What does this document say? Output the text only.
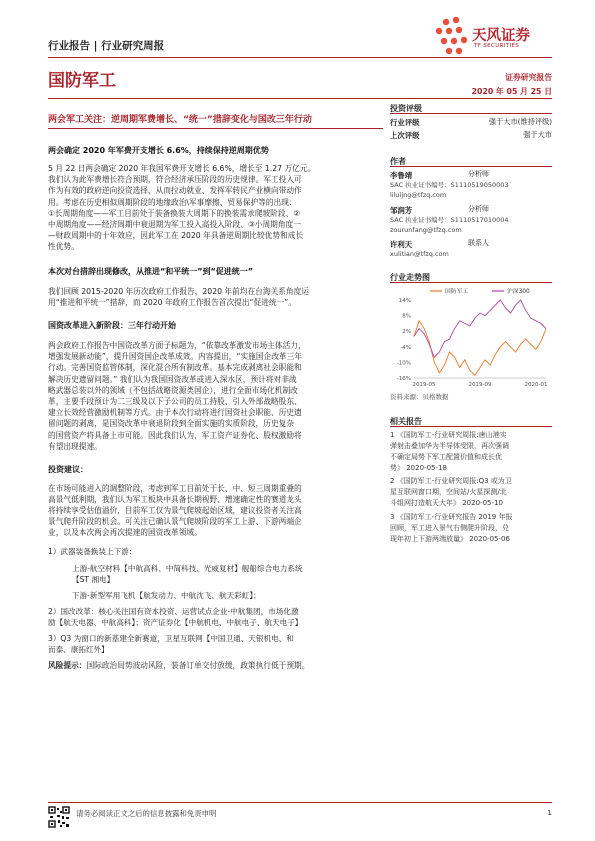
行业报告 | 行业研究周报
天风证券
TF SECURITIES
国防军工	证券研究报告
2020 年 05 月 25 日
两会军工关注：逆周期军费增长、“统一”措辞变化与国改三年行动
两会确定 2020 年军费开支增长 6.6%，持续保持逆周期优势
5 月 22 日两会确定 2020 年我国军费开支增长 6.6%，增长至 1.27 万亿元。
我们认为此军费增长符合预期，符合经济承压阶段的历史规律。军工投入可
作为有效的政府逆向投资选择，从而拉动就业、发挥军转民产业横向带动作
用。考虑在历史相似周期阶段的地缘政治\军事摩擦、贸易保护等的出现：
①长周期角度——军工目前处于装备换装大周期下的换装需求爬坡阶段、②
中周期角度——经济周期中衰退期为军工投入高投入阶段、③小周期角度一
—财政周期中的十年效应，因此军工在 2020 年具备逆周期比较优势和成长
性优势。
本次对台措辞出现修改，从推进“和平统一”到“促进统一”
我们回顾 2015-2020 年历次政府工作报告，2020 年前均在台海关系角度运
用“推进和平统一”措辞，而 2020 年政府工作报告首次提出“促进统一”。
国资改革进入新阶段：三年行动开始
两会政府工作报告中国资改革方面子标题为，“依靠改革激发市场主体活力，
增强发展新动能”，提升国资国企改革成效。内容提出，“实施国企改革三年
行动。完善国资监管体制，深化混合所有制改革。基本完成剥离社会职能和
解决历史遗留问题。” 我们认为我国国资改革或进入深水区，预计将对非战
略武器总装以外的领域（不包括战略资源类国企），进行全面市场化机制改
革，主要手段预计为二三级及以下子公司的员工持股、引入外部战略股东、
建立长效经营激励机制等方式。由于本次行动将进行国资社会职能、历史遗
留问题的剥离，是国资改革中衰退阶段到全面实施的实质阶段，历史复杂
的国营资产将具备上市可能。因此我们认为，军工资产证券化、股权激励将
有望出现提速。
投资建议：
在市场可能进入的调整阶段，考虑到军工目前处于长、中、短三周期重叠的
高景气低利期，我们认为军工板块中具备长期视野、增速确定性的赛道龙头
将持续享受估值溢价，目前军工仅为景气爬坡起始区域，建议投资者关注高
景气爬升阶段的机会。可关注已确认景气爬坡阶段的军工上游、下游两端企
业，以及本次两会再次提速的国资改革领域。
1）武器装备换装上下游：
上游-航空材料【中航高科、中简科技、光威复材】舰船综合电力系统
【ST 湘电】
下游-新型军用飞机【航发动力、中航沈飞、航天彩虹】；
2）国改改革：核心关注国有资本投资、运营试点企业-中航集团，市场化激
励【航天电器、中航高科】；资产证券化【中航机电、中航电子、航天电子】
3）Q3 为窗口的新基建全新赛道，卫星互联网【中国卫通、天银机电、和
而泰、康拓红外】
风险提示：国际政治局势波动风险，装备订单交付放缓，政策执行低于预期。
投资评级
行业评级	强于大市(维持评级)
上次评级	强于大市
作者
李鲁靖	分析师
SAC 执业证书编号：S1110519050003
liluijng@tfzq.com
邹润芳	分析师
SAC 执业证书编号：S1110517010004
zourunfang@tfzq.com
许利天	联系人
xulitian@tfzq.com
行业走势图
14%
8%
2%
-4%
-10%
-16%
2019-05	2019-09	2020-01
国防军工	沪深300
资料来源：贝格数据
相关报告
1 《国防军工-行业研究周报:唐山港实
弹射击叠加华为半导体受限，再次强调
不确定局势下军工配置价值和成长优
势》 2020-05-18
2 《国防军工-行业研究周报:Q3 或为卫
星互联网窗口期，空间站/火星探测/北
斗组网打造航天大年》 2020-05-10
3 《国防军工-行业研究报告 2019 年报
回顾，军工进入景气右侧爬升阶段，兑
现年初上下游两端放量》 2020-05-06
请务必阅读正文之后的信息披露和免责申明	1
